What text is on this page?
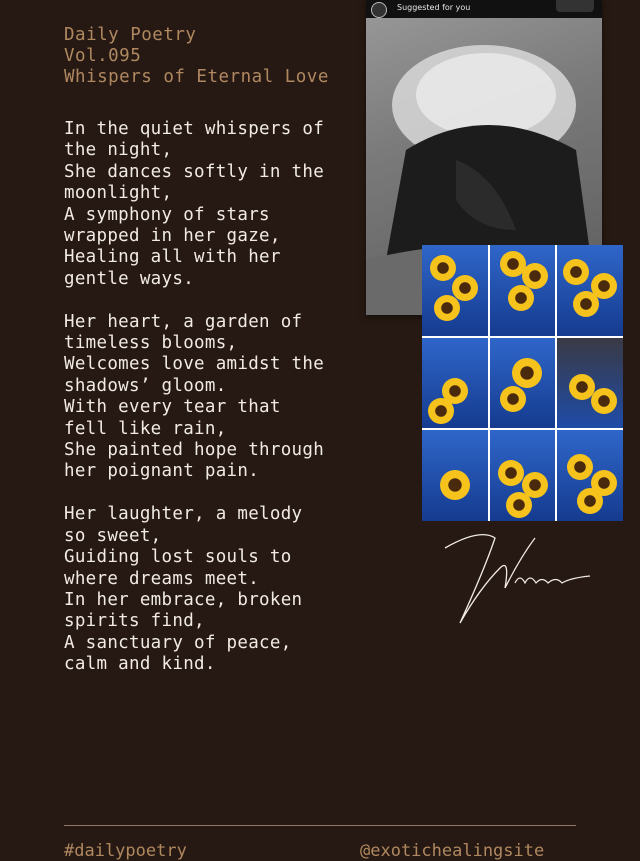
Daily Poetry
Vol.095
Whispers of Eternal Love
In the quiet whispers of
the night,
She dances softly in the
moonlight,
A symphony of stars
wrapped in her gaze,
Healing all with her
gentle ways.
Her heart, a garden of
timeless blooms,
Welcomes love amidst the
shadows’ gloom.
With every tear that
fell like rain,
She painted hope through
her poignant pain.
Her laughter, a melody
so sweet,
Guiding lost souls to
where dreams meet.
In her embrace, broken
spirits find,
A sanctuary of peace,
calm and kind.
Suggested for you
#dailypoetry	@exotichealingsite
